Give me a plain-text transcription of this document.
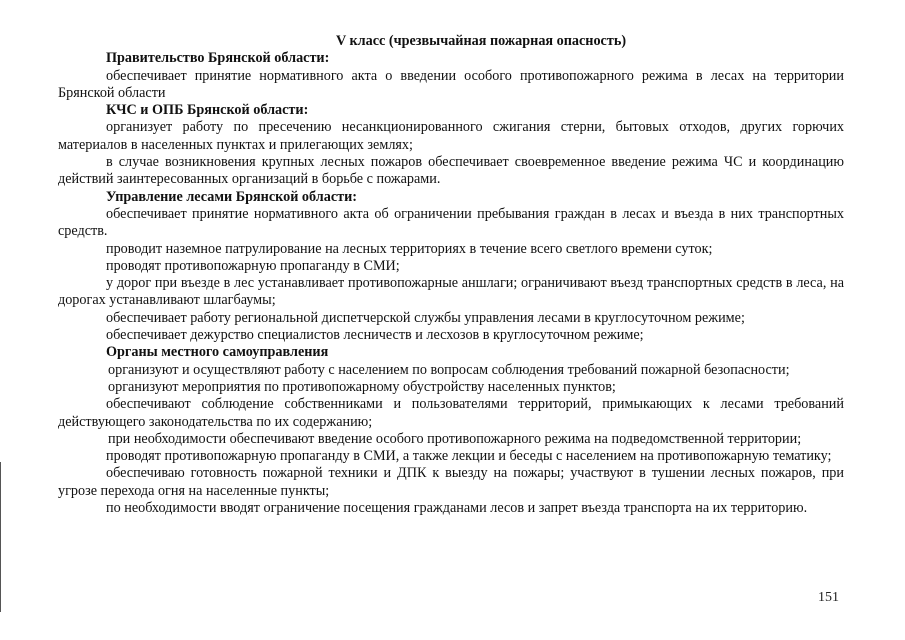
V класс (чрезвычайная пожарная опасность)

Правительство Брянской области:

обеспечивает принятие нормативного акта о введении особого противопожарного режима в лесах на территории Брянской области

КЧС и ОПБ Брянской области:

организует работу по пресечению несанкционированного сжигания стерни, бытовых отходов, других горючих материалов в населенных пунктах и прилегающих землях;

в случае возникновения крупных лесных пожаров обеспечивает своевременное введение режима ЧС и координацию действий заинтересованных организаций в борьбе с пожарами.

Управление лесами Брянской области:

обеспечивает принятие нормативного акта об ограничении пребывания граждан в лесах и въезда в них транспортных средств.

проводит наземное патрулирование на лесных территориях в течение всего светлого времени суток;

проводят противопожарную пропаганду в СМИ;

у дорог при въезде в лес устанавливает противопожарные аншлаги; ограничивают въезд транспортных средств в леса, на дорогах устанавливают шлагбаумы;

обеспечивает работу региональной диспетчерской службы управления лесами в круглосуточном режиме;

обеспечивает дежурство специалистов лесничеств и лесхозов в круглосуточном режиме;

Органы местного самоуправления

организуют и осуществляют работу с населением по вопросам соблюдения требований пожарной безопасности;

организуют мероприятия по противопожарному обустройству населенных пунктов;

обеспечивают соблюдение собственниками и пользователями территорий, примыкающих к лесами требований действующего законодательства по их содержанию;

при необходимости обеспечивают введение особого противопожарного режима на подведомственной территории;

проводят противопожарную пропаганду в СМИ, а также лекции и беседы с населением на противопожарную тематику;

обеспечиваю готовность пожарной техники и ДПК к выезду на пожары; участвуют в тушении лесных пожаров, при угрозе перехода огня на населенные пункты;

по необходимости вводят ограничение посещения гражданами лесов и запрет въезда транспорта на их территорию.

151
